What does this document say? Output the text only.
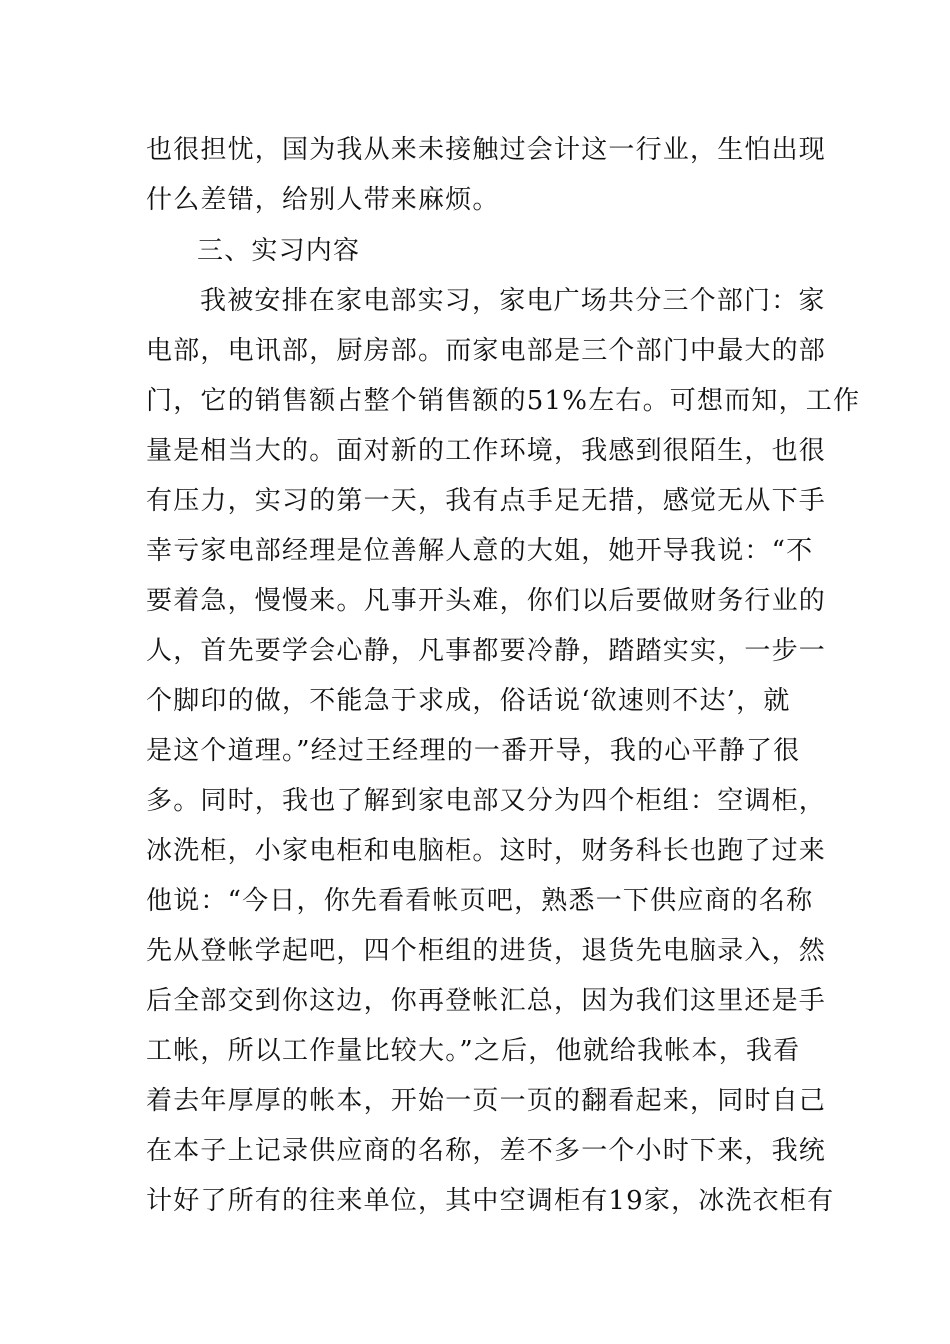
也很担忧，国为我从来未接触过会计这一行业，生怕出现
什么差错，给别人带来麻烦。
三、实习内容
我被安排在家电部实习，家电广场共分三个部门：家
电部，电讯部，厨房部。而家电部是三个部门中最大的部
门，它的销售额占整个销售额的51%左右。可想而知，工作
量是相当大的。面对新的工作环境，我感到很陌生，也很
有压力，实习的第一天，我有点手足无措，感觉无从下手
幸亏家电部经理是位善解人意的大姐，她开导我说：“不
要着急，慢慢来。凡事开头难，你们以后要做财务行业的
人，首先要学会心静，凡事都要冷静，踏踏实实，一步一
个脚印的做，不能急于求成，俗话说‘欲速则不达’，就
是这个道理。”经过王经理的一番开导，我的心平静了很
多。同时，我也了解到家电部又分为四个柜组：空调柜，
冰洗柜，小家电柜和电脑柜。这时，财务科长也跑了过来
他说：“今日，你先看看帐页吧，熟悉一下供应商的名称
先从登帐学起吧，四个柜组的进货，退货先电脑录入，然
后全部交到你这边，你再登帐汇总，因为我们这里还是手
工帐，所以工作量比较大。”之后，他就给我帐本，我看
着去年厚厚的帐本，开始一页一页的翻看起来，同时自己
在本子上记录供应商的名称，差不多一个小时下来，我统
计好了所有的往来单位，其中空调柜有19家，冰洗衣柜有
